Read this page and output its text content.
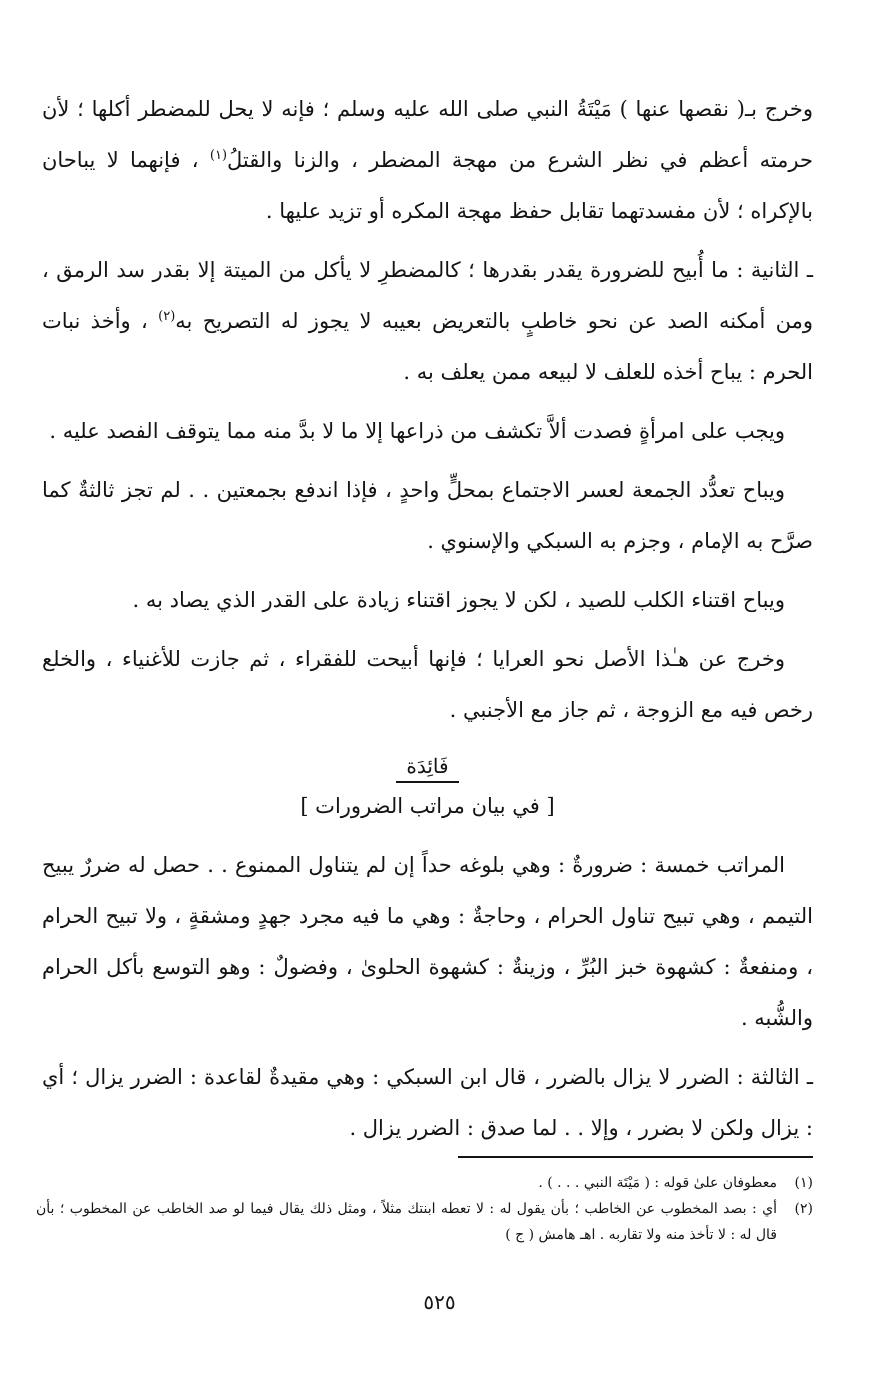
وخرج بـ( نقصها عنها ) مَيْتَةُ النبي صلى الله عليه وسلم ؛ فإنه لا يحل للمضطر أكلها ؛ لأن حرمته أعظم في نظر الشرع من مهجة المضطر ، والزنا والقتلُ$^{(١)}$ ، فإنهما لا يباحان بالإكراه ؛ لأن مفسدتهما تقابل حفظ مهجة المكره أو تزيد عليها .

ـ الثانية : ما أُبيح للضرورة يقدر بقدرها ؛ كالمضطرِ لا يأكل من الميتة إلا بقدر سد الرمق ، ومن أمكنه الصد عن نحو خاطبٍ بالتعريض بعيبه لا يجوز له التصريح به$^{(٢)}$ ، وأخذ نبات الحرم : يباح أخذه للعلف لا لبيعه ممن يعلف به .

ويجب على امرأةٍ فصدت ألاَّ تكشف من ذراعها إلا ما لا بدَّ منه مما يتوقف الفصد عليه .

ويباح تعدُّد الجمعة لعسر الاجتماع بمحلٍّ واحدٍ ، فإذا اندفع بجمعتين . . لم تجز ثالثةٌ كما صرَّح به الإمام ، وجزم به السبكي والإسنوي .

ويباح اقتناء الكلب للصيد ، لكن لا يجوز اقتناء زيادة على القدر الذي يصاد به .

وخرج عن هـٰذا الأصل نحو العرايا ؛ فإنها أبيحت للفقراء ، ثم جازت للأغنياء ، والخلع رخص فيه مع الزوجة ، ثم جاز مع الأجنبي .

فَائِدَة
[ في بيان مراتب الضرورات ]

المراتب خمسة : ضرورةٌ : وهي بلوغه حداً إن لم يتناول الممنوع . . حصل له ضررٌ يبيح التيمم ، وهي تبيح تناول الحرام ، وحاجةٌ : وهي ما فيه مجرد جهدٍ ومشقةٍ ، ولا تبيح الحرام ، ومنفعةٌ : كشهوة خبز البُرِّ ، وزينةٌ : كشهوة الحلوىٰ ، وفضولٌ : وهو التوسع بأكل الحرام والشُّبه .

ـ الثالثة : الضرر لا يزال بالضرر ، قال ابن السبكي : وهي مقيدةٌ لقاعدة : الضرر يزال ؛ أي : يزال ولكن لا بضرر ، وإلا . . لما صدق : الضرر يزال .

(١)
معطوفان علىٰ قوله : ( مَيْتَة النبي . . . ) .
(٢)
أي : بصد المخطوب عن الخاطب ؛ بأن يقول له : لا تعطه ابنتك مثلاً ، ومثل ذلك يقال فيما لو صد الخاطب عن المخطوب ؛ بأن قال له : لا تأخذ منه ولا تقاربه . اهـ هامش ( ج )
٥٢٥
